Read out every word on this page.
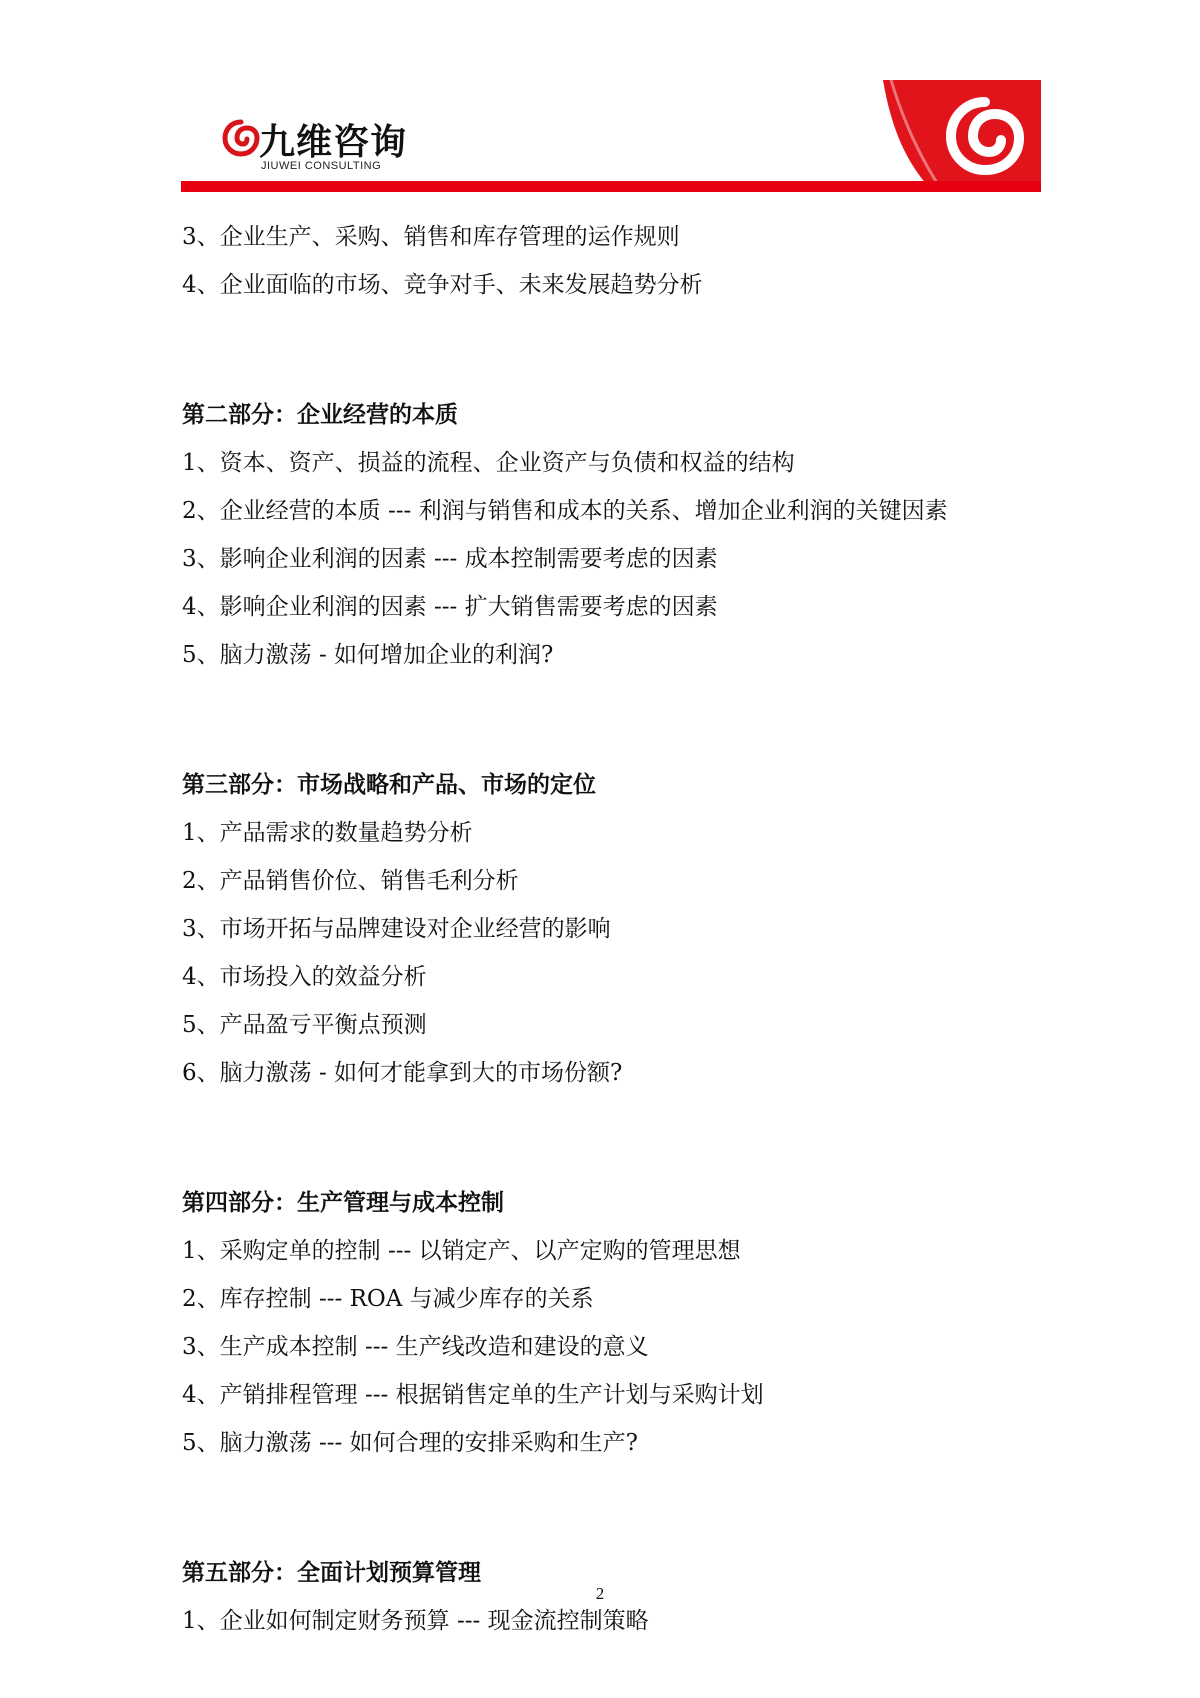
九维咨询
JIUWEI CONSULTING
3、企业生产、采购、销售和库存管理的运作规则
4、企业面临的市场、竞争对手、未来发展趋势分析
第二部分：企业经营的本质
1、资本、资产、损益的流程、企业资产与负债和权益的结构
2、企业经营的本质 --- 利润与销售和成本的关系、增加企业利润的关键因素
3、影响企业利润的因素 --- 成本控制需要考虑的因素
4、影响企业利润的因素 --- 扩大销售需要考虑的因素
5、脑力激荡 - 如何增加企业的利润?
第三部分：市场战略和产品、市场的定位
1、产品需求的数量趋势分析
2、产品销售价位、销售毛利分析
3、市场开拓与品牌建设对企业经营的影响
4、市场投入的效益分析
5、产品盈亏平衡点预测
6、脑力激荡 - 如何才能拿到大的市场份额?
第四部分：生产管理与成本控制
1、采购定单的控制 --- 以销定产、以产定购的管理思想
2、库存控制 --- ROA 与减少库存的关系
3、生产成本控制 --- 生产线改造和建设的意义
4、产销排程管理 --- 根据销售定单的生产计划与采购计划
5、脑力激荡 --- 如何合理的安排采购和生产?
第五部分：全面计划预算管理
1、企业如何制定财务预算 --- 现金流控制策略
2
